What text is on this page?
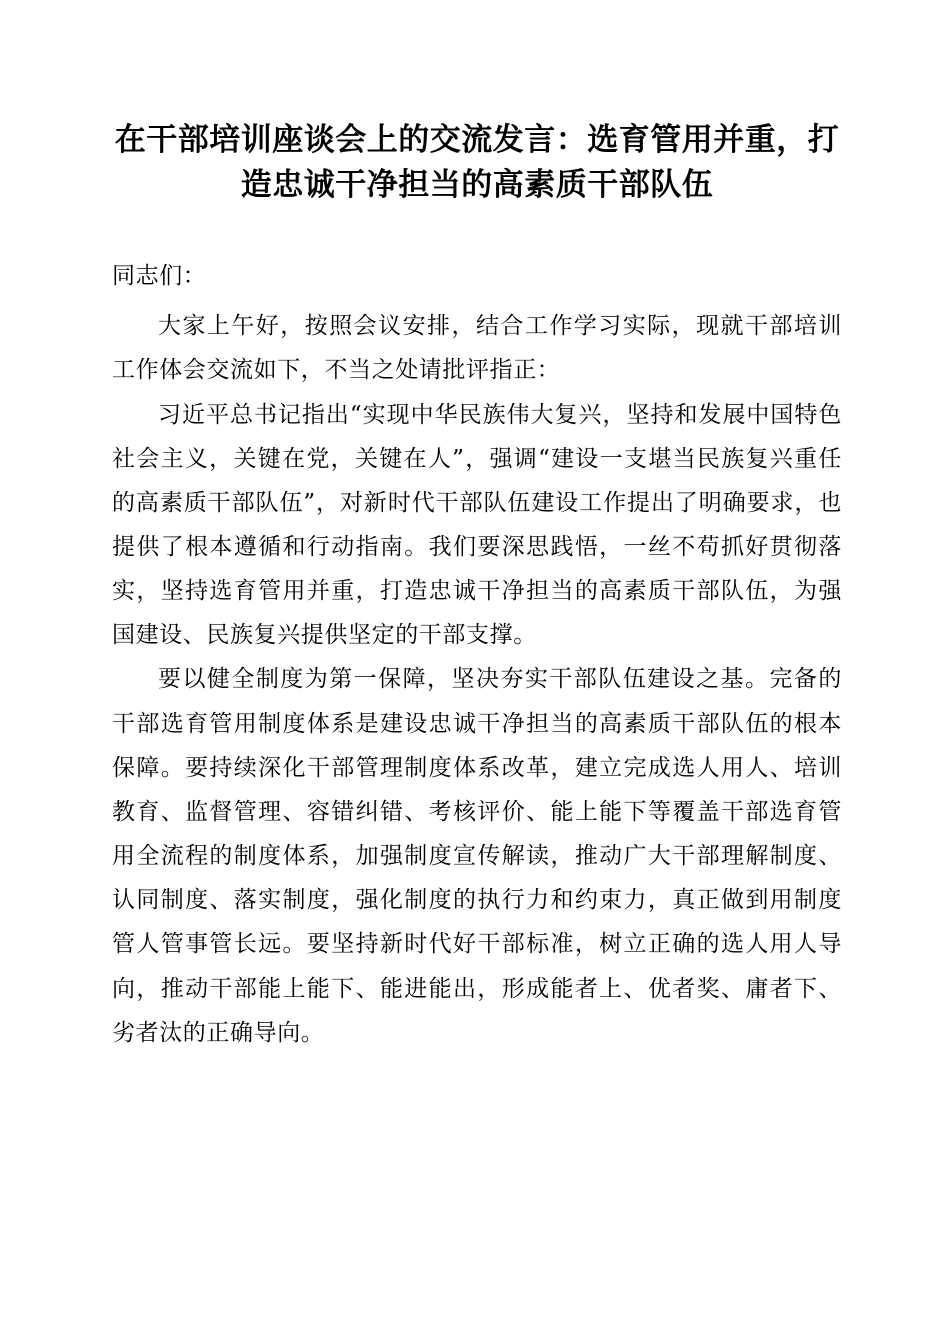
在干部培训座谈会上的交流发言：选育管用并重，打造忠诚干净担当的高素质干部队伍

同志们：

大家上午好，按照会议安排，结合工作学习实际，现就干部培训工作体会交流如下，不当之处请批评指正：

习近平总书记指出“实现中华民族伟大复兴，坚持和发展中国特色社会主义，关键在党，关键在人”，强调“建设一支堪当民族复兴重任的高素质干部队伍”，对新时代干部队伍建设工作提出了明确要求，也提供了根本遵循和行动指南。我们要深思践悟，一丝不苟抓好贯彻落实，坚持选育管用并重，打造忠诚干净担当的高素质干部队伍，为强国建设、民族复兴提供坚定的干部支撑。

要以健全制度为第一保障，坚决夯实干部队伍建设之基。完备的干部选育管用制度体系是建设忠诚干净担当的高素质干部队伍的根本保障。要持续深化干部管理制度体系改革，建立完成选人用人、培训教育、监督管理、容错纠错、考核评价、能上能下等覆盖干部选育管用全流程的制度体系，加强制度宣传解读，推动广大干部理解制度、认同制度、落实制度，强化制度的执行力和约束力，真正做到用制度管人管事管长远。要坚持新时代好干部标准，树立正确的选人用人导向，推动干部能上能下、能进能出，形成能者上、优者奖、庸者下、劣者汰的正确导向。
